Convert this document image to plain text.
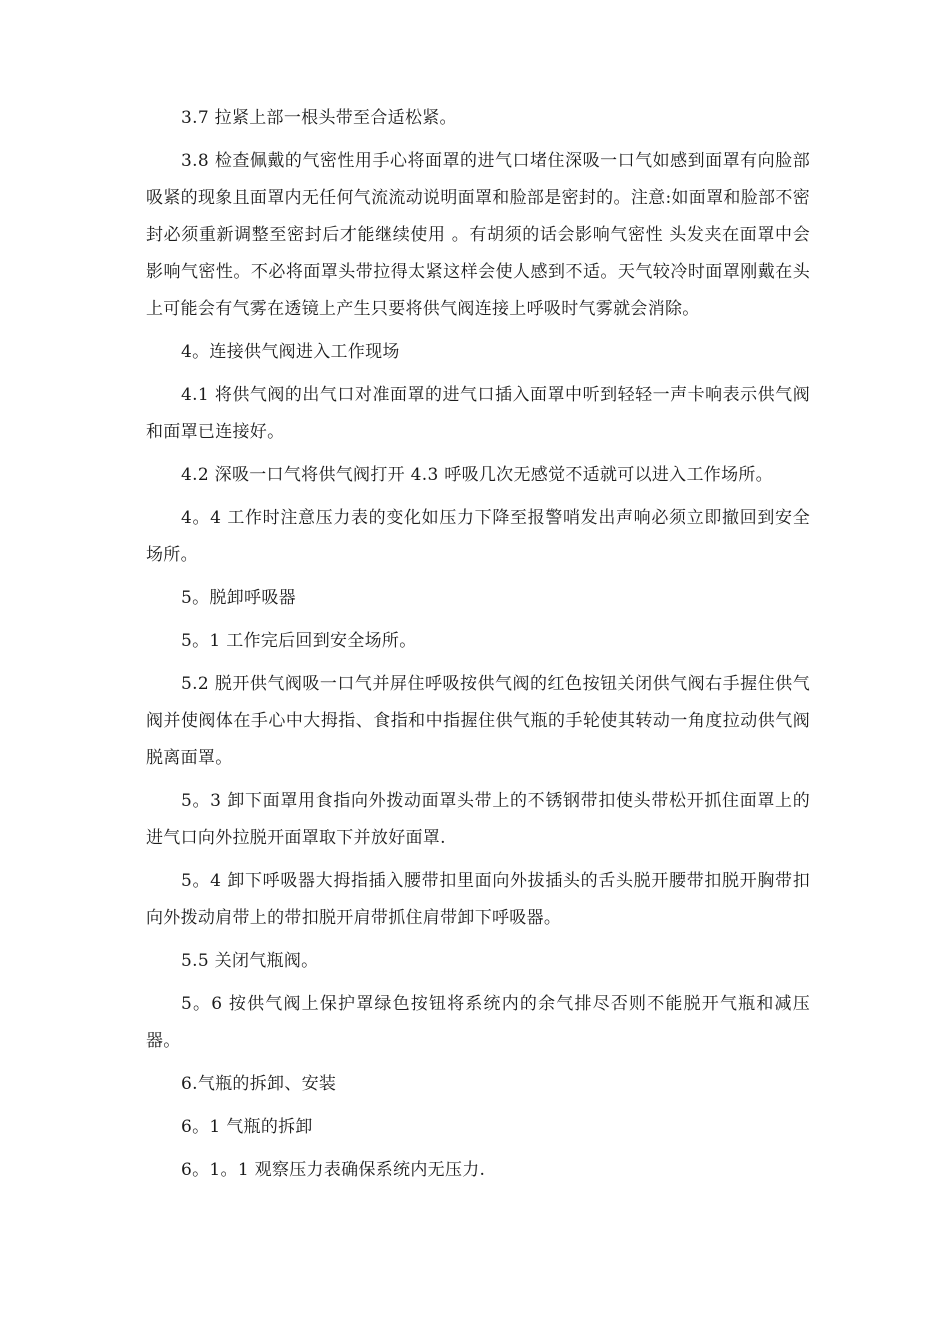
3.7 拉紧上部一根头带至合适松紧。

3.8 检查佩戴的气密性用手心将面罩的进气口堵住深吸一口气如感到面罩有向脸部吸紧的现象且面罩内无任何气流流动说明面罩和脸部是密封的。注意:如面罩和脸部不密封必须重新调整至密封后才能继续使用 。有胡须的话会影响气密性 头发夹在面罩中会影响气密性。不必将面罩头带拉得太紧这样会使人感到不适。天气较冷时面罩刚戴在头上可能会有气雾在透镜上产生只要将供气阀连接上呼吸时气雾就会消除。

4。连接供气阀进入工作现场

4.1 将供气阀的出气口对准面罩的进气口插入面罩中听到轻轻一声卡响表示供气阀和面罩已连接好。

4.2 深吸一口气将供气阀打开 4.3 呼吸几次无感觉不适就可以进入工作场所。

4。4 工作时注意压力表的变化如压力下降至报警哨发出声响必须立即撤回到安全场所。

5。脱卸呼吸器

5。1 工作完后回到安全场所。

5.2 脱开供气阀吸一口气并屏住呼吸按供气阀的红色按钮关闭供气阀右手握住供气阀并使阀体在手心中大拇指、食指和中指握住供气瓶的手轮使其转动一角度拉动供气阀脱离面罩。

5。3 卸下面罩用食指向外拨动面罩头带上的不锈钢带扣使头带松开抓住面罩上的进气口向外拉脱开面罩取下并放好面罩.

5。4 卸下呼吸器大拇指插入腰带扣里面向外拔插头的舌头脱开腰带扣脱开胸带扣向外拨动肩带上的带扣脱开肩带抓住肩带卸下呼吸器。

5.5 关闭气瓶阀。

5。6 按供气阀上保护罩绿色按钮将系统内的余气排尽否则不能脱开气瓶和减压器。

6.气瓶的拆卸、安装

6。1 气瓶的拆卸

6。1。1 观察压力表确保系统内无压力.
